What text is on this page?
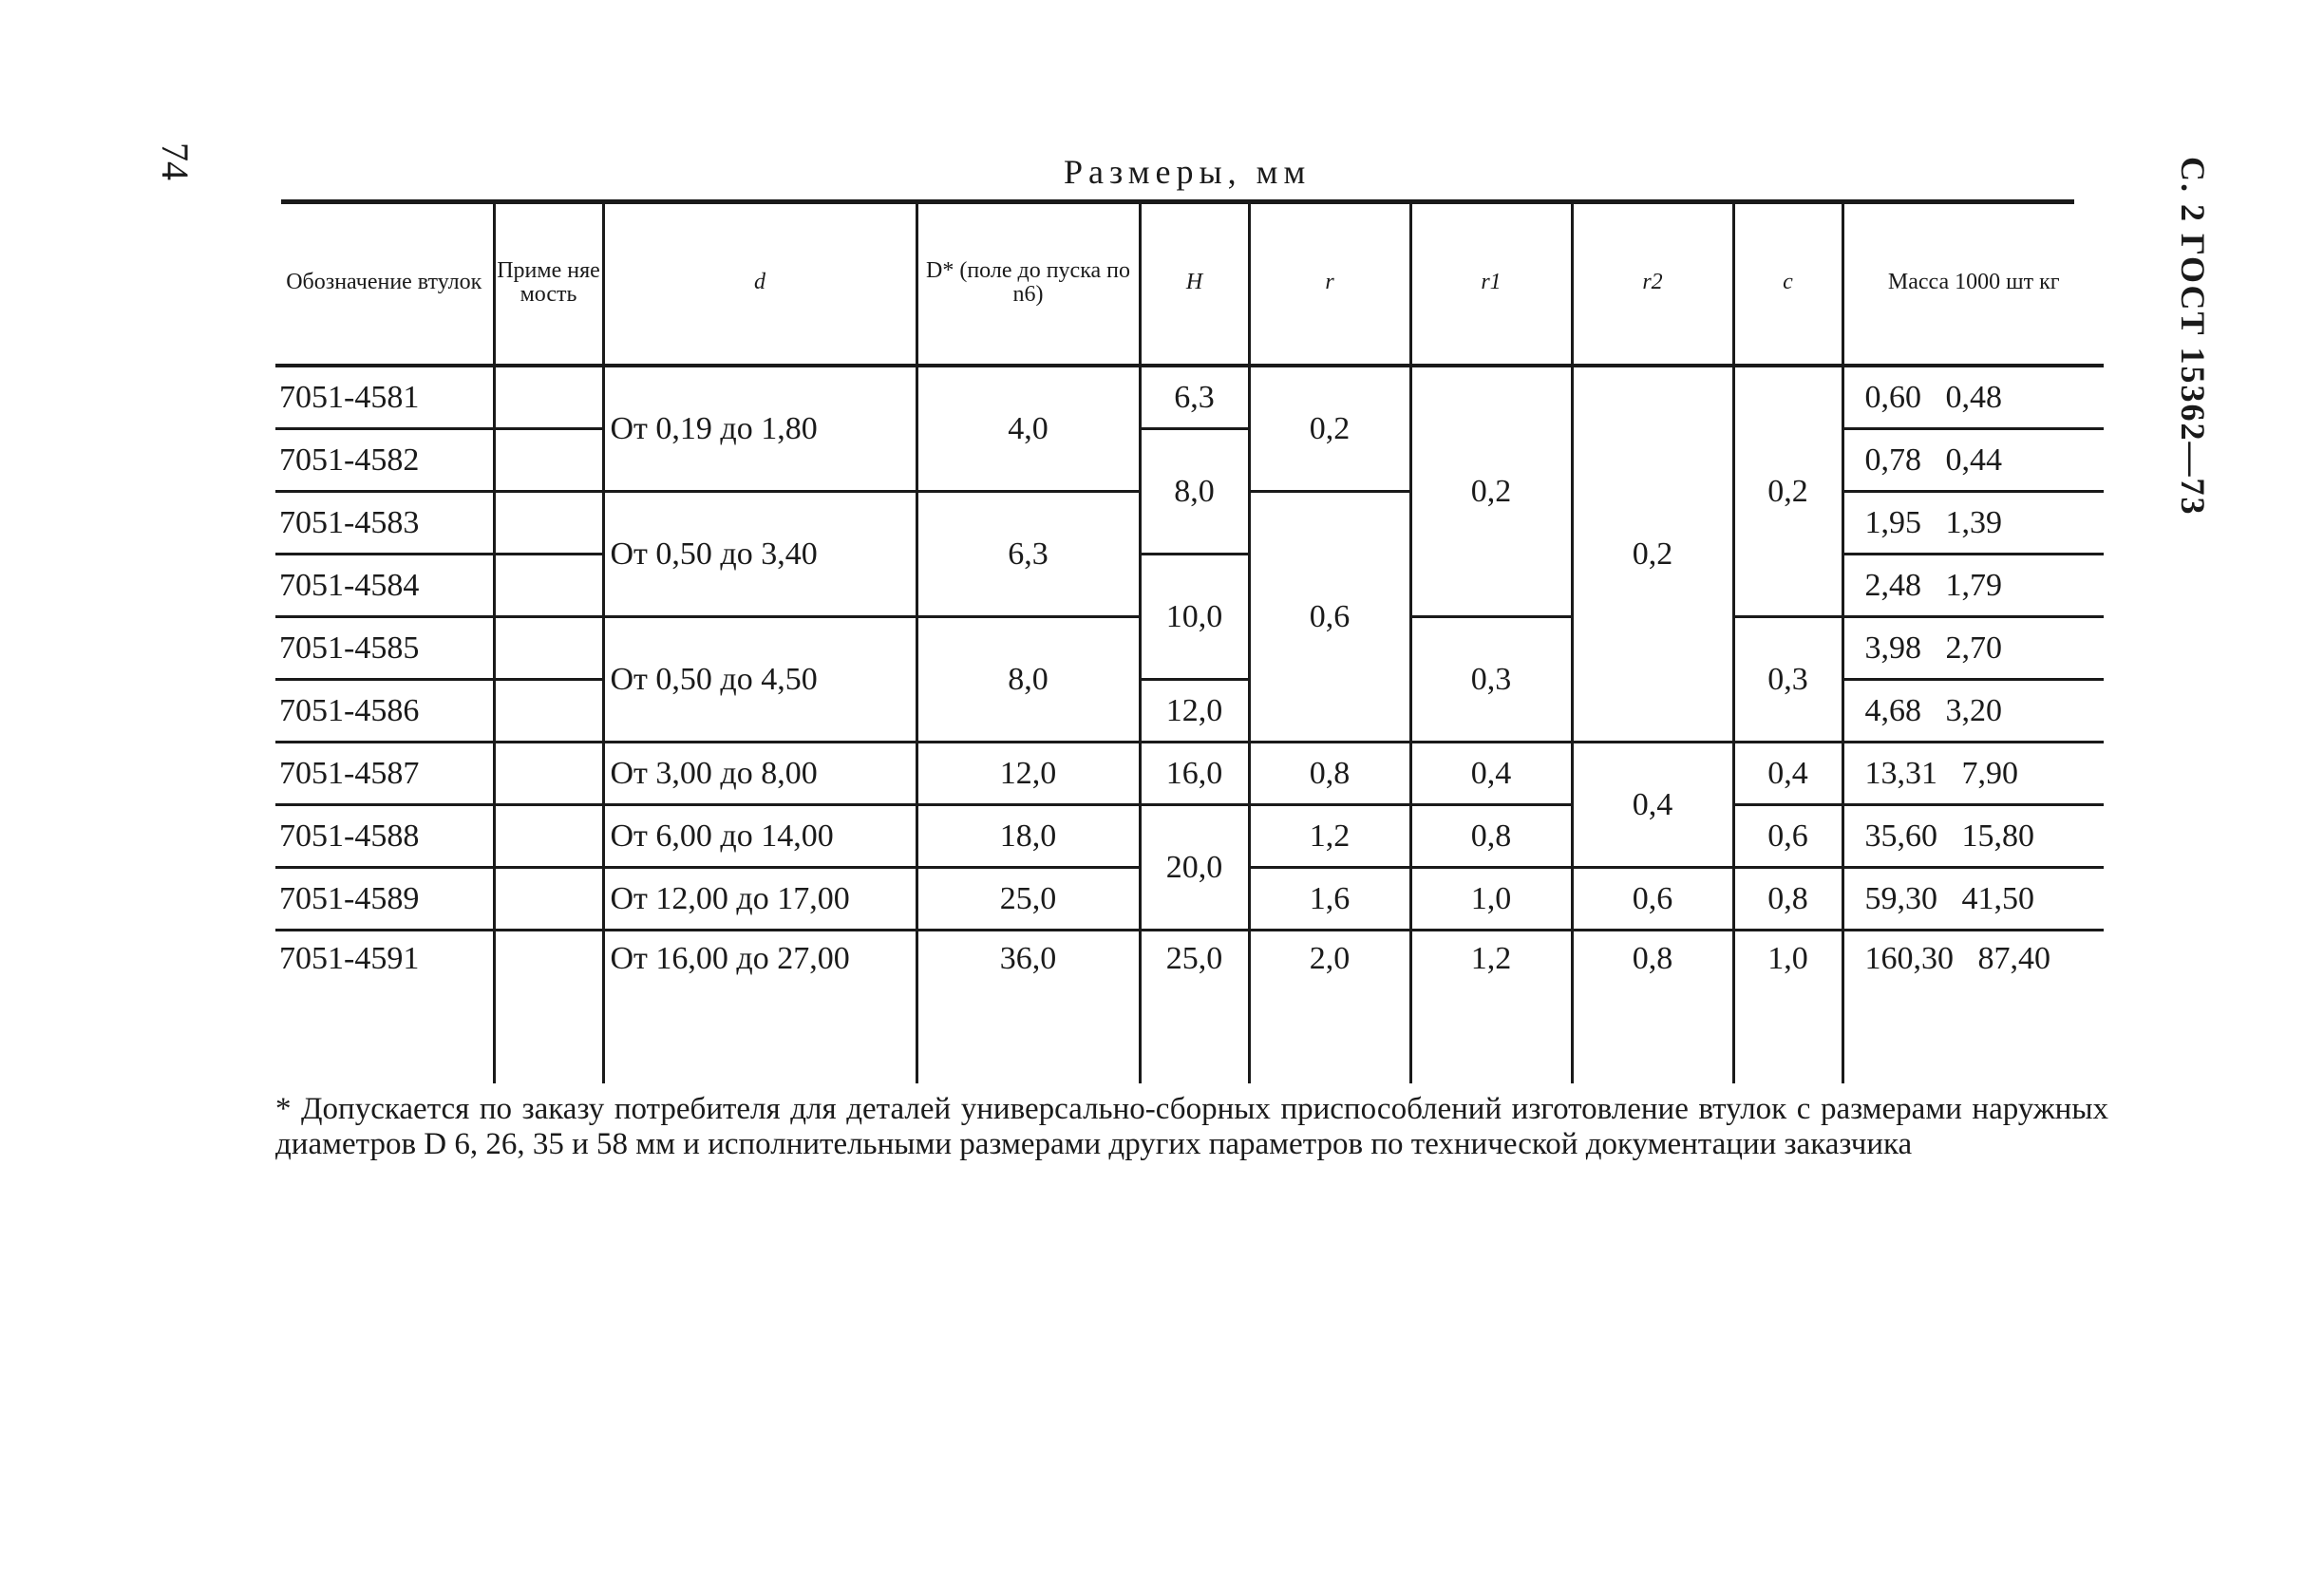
74	С. 2 ГОСТ 15362—73
Размеры, мм
Обозначение втулок	Приме няе мость	d	D* (поле до пуска по n6)	H	r	r1	r2	c	Масса 1000 шт кг
7051-4581		От 0,19 до 1,80	4,0	6,3	0,2	0,2	0,2	0,2	0,60   0,48
7051-4582				8,0					0,78   0,44
7051-4583		От 0,50 до 3,40	6,3		0,6				1,95   1,39
7051-4584				10,0					2,48   1,79
7051-4585		От 0,50 до 4,50	8,0			0,3		0,3	3,98   2,70
7051-4586				12,0					4,68   3,20
7051-4587		От 3,00 до 8,00	12,0	16,0	0,8	0,4	0,4	0,4	13,31   7,90
7051-4588		От 6,00 до 14,00	18,0	20,0	1,2	0,8		0,6	35,60   15,80
7051-4589		От 12,00 до 17,00	25,0		1,6	1,0	0,6	0,8	59,30   41,50
7051-4591		От 16,00 до 27,00	36,0	25,0	2,0	1,2	0,8	1,0	160,30   87,40
* Допускается по заказу потребителя для деталей универсально-сборных приспособлений изготовление втулок с размерами наружных диаметров D 6, 26, 35 и 58 мм и исполнительными размерами других параметров по технической документации заказчика
